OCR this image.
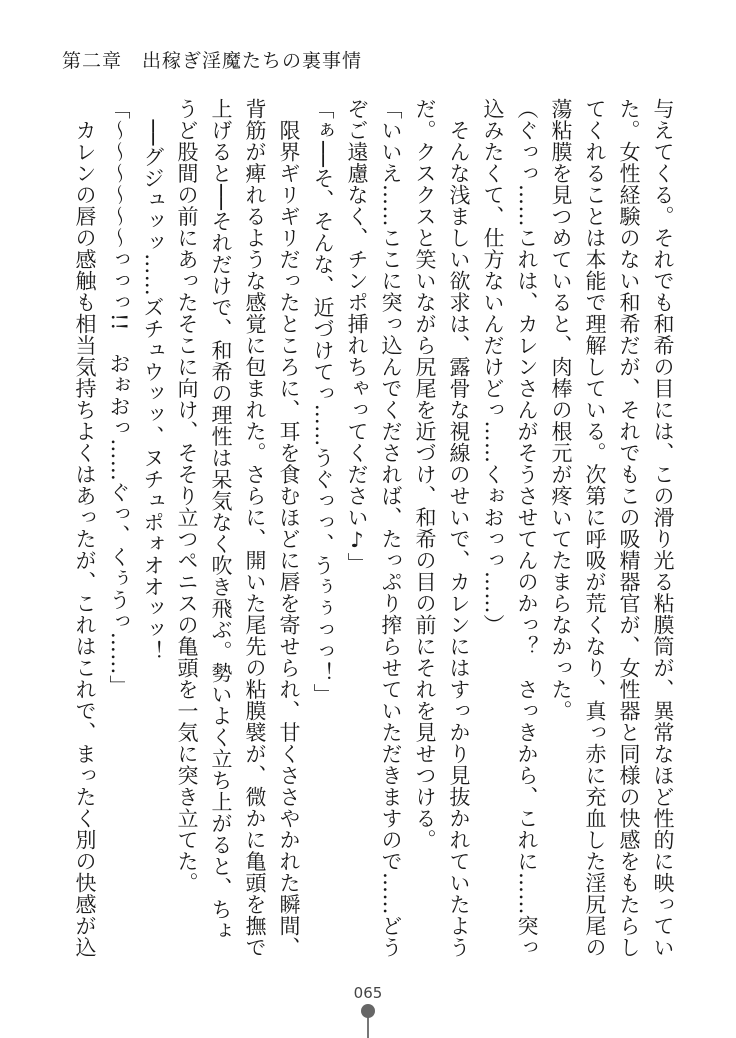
第二章 出稼ぎ淫魔たちの裏事情
与えてくる。それでも和希の目には、この滑り光る粘膜筒が、異常なほど性的に映ってい
た。女性経験のない和希だが、それでもこの吸精器官が、女性器と同様の快感をもたらし
てくれることは本能で理解している。次第に呼吸が荒くなり、真っ赤に充血した淫尻尾の
蕩粘膜を見つめていると、肉棒の根元が疼いてたまらなかった。
（ぐっっ……これは、カレンさんがそうさせてんのかっ？　さっきから、これに……突っ
込みたくて、仕方ないんだけどっ……くぉおっっ……）
　そんな浅ましい欲求は、露骨な視線のせいで、カレンにはすっかり見抜かれていたよう
だ。クスクスと笑いながら尻尾を近づけ、和希の目の前にそれを見せつける。
「いいえ……ここに突っ込んでくだされば、たっぷり搾らせていただきますので……どう
ぞご遠慮なく、チンポ挿れちゃってください♪」
「ぁ──そ、そんな、近づけてっ……うぐっっ、うぅぅっっ！」
　限界ギリギリだったところに、耳を食むほどに唇を寄せられ、甘くささやかれた瞬間、
背筋が痺れるような感覚に包まれた。さらに、開いた尾先の粘膜襞が、微かに亀頭を撫で
上げると──それだけで、和希の理性は呆気なく吹き飛ぶ。勢いよく立ち上がると、ちょ
うど股間の前にあったそこに向け、そそり立つペニスの亀頭を一気に突き立てた。
　──グジュッッ……ズチュウッッ、ヌチュポォオオッッ！
「～～～～～～っっっ!!　おぉおっ……ぐっ、くぅうっ……」
　カレンの唇の感触も相当気持ちよくはあったが、これはこれで、まったく別の快感が込
065
